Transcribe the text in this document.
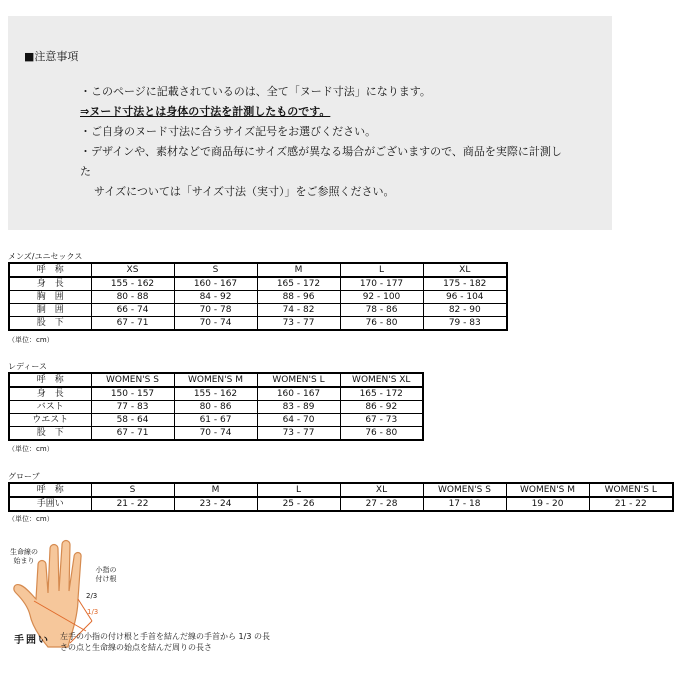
■注意事項
・このページに記載されているのは、全て「ヌード寸法」になります。
⇒ヌード寸法とは身体の寸法を計測したものです。
・ご自身のヌード寸法に合うサイズ記号をお選びください。
・デザインや、素材などで商品毎にサイズ感が異なる場合がございますので、商品を実際に計測し
た
サイズについては「サイズ寸法（実寸）」をご参照ください。
メンズ/ユニセックス
呼　称	XS	S	M	L	XL
身　長	155 - 162	160 - 167	165 - 172	170 - 177	175 - 182
胸　囲	80 - 88	84 - 92	88 - 96	92 - 100	96 - 104
胴　囲	66 - 74	70 - 78	74 - 82	78 - 86	82 - 90
股　下	67 - 71	70 - 74	73 - 77	76 - 80	79 - 83
（単位：cm）
レディース
呼　称	WOMEN'S S	WOMEN'S M	WOMEN'S L	WOMEN'S XL
身　長	150 - 157	155 - 162	160 - 167	165 - 172
バスト	77 - 83	80 - 86	83 - 89	86 - 92
ウエスト	58 - 64	61 - 67	64 - 70	67 - 73
股　下	67 - 71	70 - 74	73 - 77	76 - 80
（単位：cm）
グローブ
呼　称	S	M	L	XL	WOMEN'S S	WOMEN'S M	WOMEN'S L
手囲い	21 - 22	23 - 24	25 - 26	27 - 28	17 - 18	19 - 20	21 - 22
（単位：cm）
生命線の始まり
小指の付け根
2/3
1/3
手囲い 左手の小指の付け根と手首を結んだ線の手首から 1/3 の長さの点と生命線の始点を結んだ周りの長さ
